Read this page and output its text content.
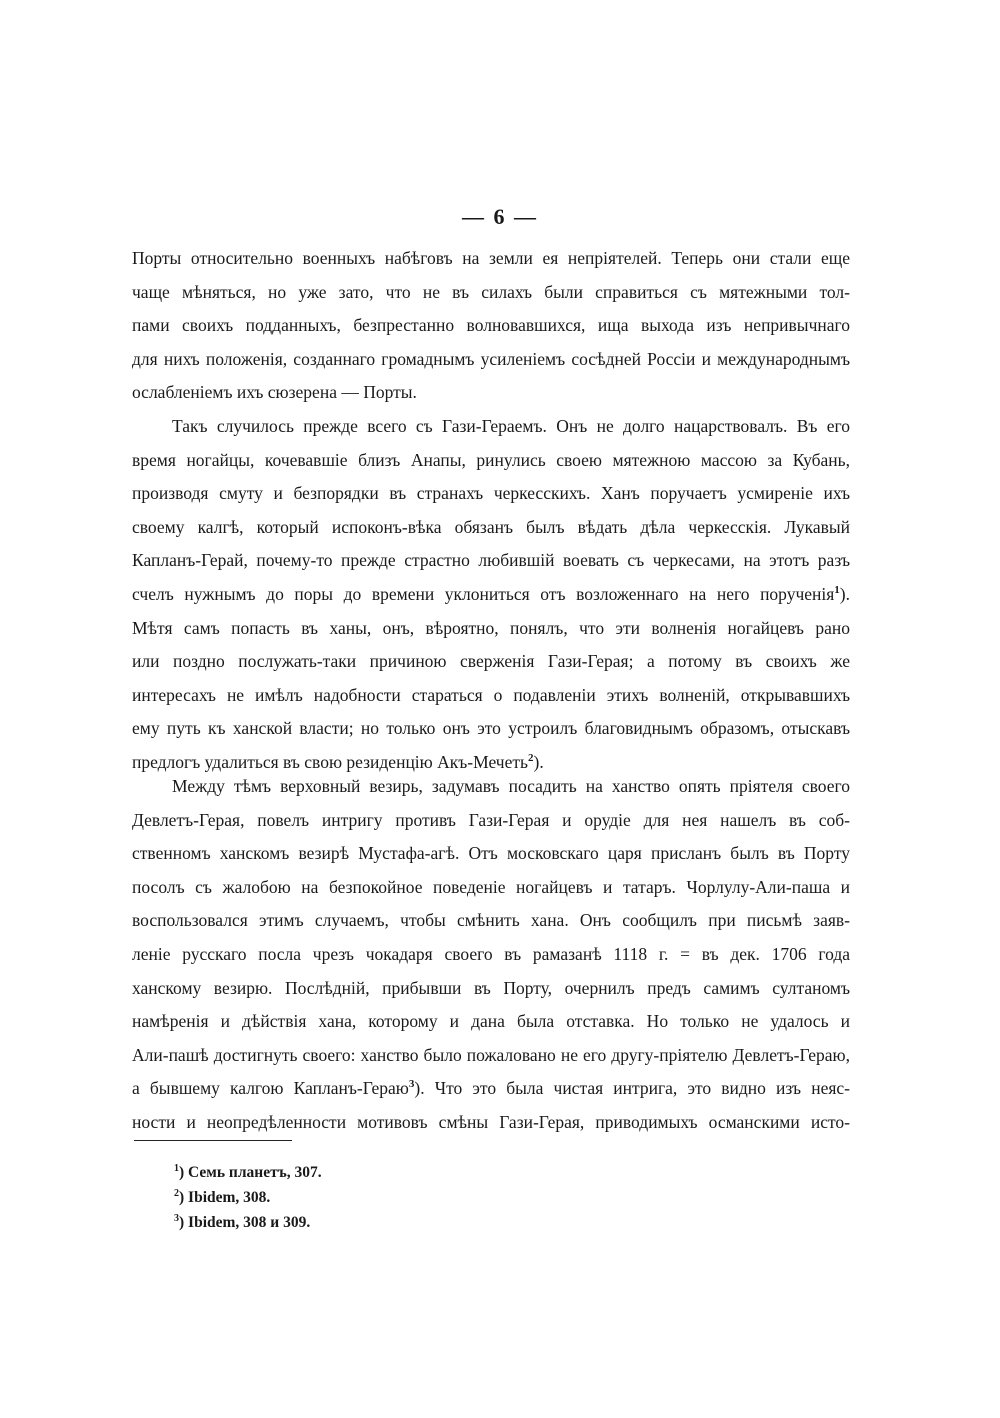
— 6 —
Порты относительно военныхъ набѣговъ на земли ея непріятелей. Теперь они стали еще
чаще мѣняться, но уже зато, что не въ силахъ были справиться съ мятежными тол-
пами своихъ подданныхъ, безпрестанно волновавшихся, ища выхода изъ непривычнаго
для нихъ положенія, созданнаго громаднымъ усиленіемъ сосѣдней Россіи и международнымъ
ослабленіемъ ихъ сюзерена — Порты.
Такъ случилось прежде всего съ Гази-Гераемъ. Онъ не долго нацарствовалъ. Въ его
время ногайцы, кочевавшіе близъ Анапы, ринулись своею мятежною массою за Кубань,
производя смуту и безпорядки въ странахъ черкесскихъ. Ханъ поручаетъ усмиреніе ихъ
своему калгѣ, который испоконъ-вѣка обязанъ былъ вѣдать дѣла черкесскія. Лукавый
Капланъ-Герай, почему-то прежде страстно любившій воевать съ черкесами, на этотъ разъ
счелъ нужнымъ до поры до времени уклониться отъ возложеннаго на него порученія$^1$).
Мѣтя самъ попасть въ ханы, онъ, вѣроятно, понялъ, что эти волненія ногайцевъ рано
или поздно послужать-таки причиною сверженія Гази-Герая; а потому въ своихъ же
интересахъ не имѣлъ надобности стараться о подавленіи этихъ волненій, открывавшихъ
ему путь къ ханской власти; но только онъ это устроилъ благовиднымъ образомъ, отыскавъ
предлогъ удалиться въ свою резиденцію Акъ-Мечеть$^2$).
Между тѣмъ верховный везирь, задумавъ посадить на ханство опять пріятеля своего
Девлетъ-Герая, повелъ интригу противъ Гази-Герая и орудіе для нея нашелъ въ соб-
ственномъ ханскомъ везирѣ Мустафа-агѣ. Отъ московскаго царя присланъ былъ въ Порту
посолъ съ жалобою на безпокойное поведеніе ногайцевъ и татаръ. Чорлулу-Али-паша и
воспользовался этимъ случаемъ, чтобы смѣнить хана. Онъ сообщилъ при письмѣ заяв-
леніе русскаго посла чрезъ чокадаря своего въ рамазанѣ 1118 г. = въ дек. 1706 года
ханскому везирю. Послѣдній, прибывши въ Порту, очернилъ предъ самимъ султаномъ
намѣренія и дѣйствія хана, которому и дана была отставка. Но только не удалось и
Али-пашѣ достигнуть своего: ханство было пожаловано не его другу-пріятелю Девлетъ-Гераю,
а бывшему калгою Капланъ-Гераю$^3$). Что это была чистая интрига, это видно изъ неяс-
ности и неопредѣленности мотивовъ смѣны Гази-Герая, приводимыхъ османскими исто-
$^1$) Семь планетъ, 307.
$^2$) Ibidem, 308.
$^3$) Ibidem, 308 и 309.
